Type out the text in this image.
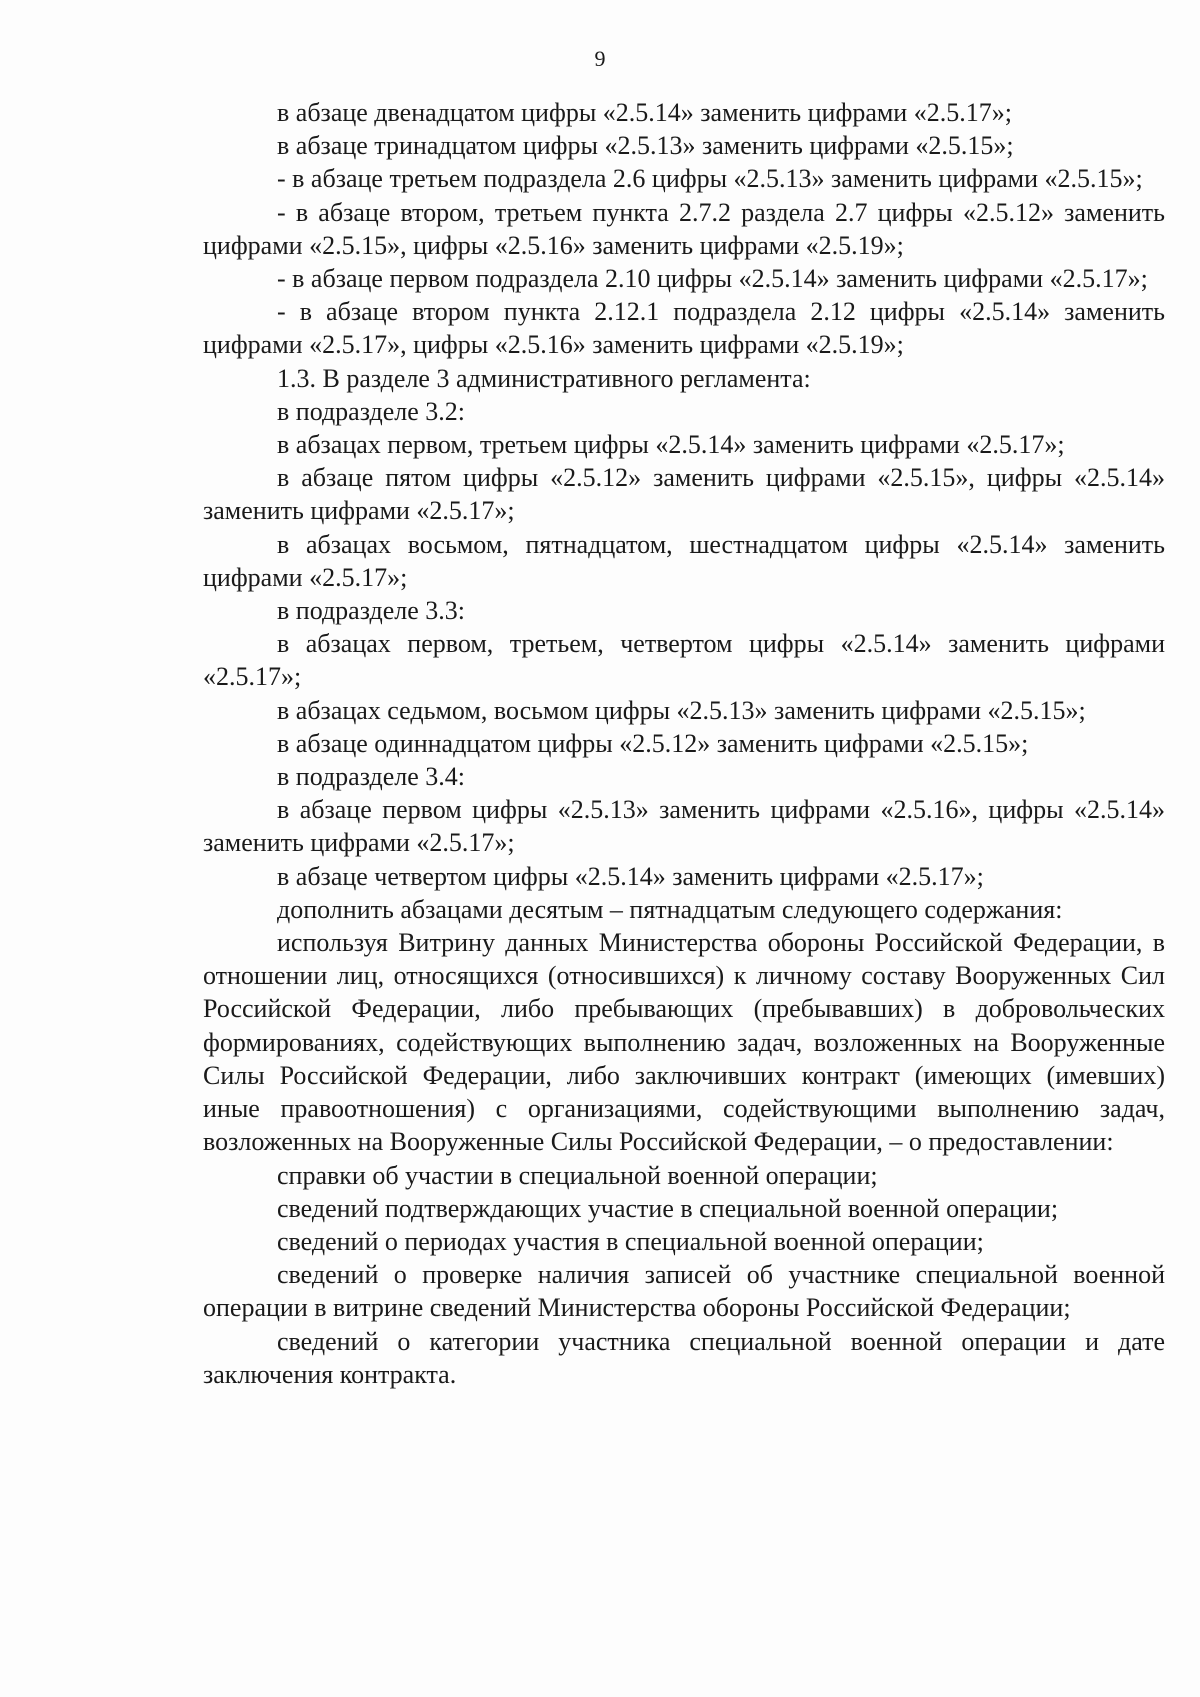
9

в абзаце двенадцатом цифры «2.5.14» заменить цифрами «2.5.17»;

в абзаце тринадцатом цифры «2.5.13» заменить цифрами «2.5.15»;

- в абзаце третьем подраздела 2.6 цифры «2.5.13» заменить цифрами «2.5.15»;

- в абзаце втором, третьем пункта 2.7.2 раздела 2.7 цифры «2.5.12» заменить цифрами «2.5.15», цифры «2.5.16» заменить цифрами «2.5.19»;

- в абзаце первом подраздела 2.10 цифры «2.5.14» заменить цифрами «2.5.17»;

- в абзаце втором пункта 2.12.1 подраздела 2.12 цифры «2.5.14» заменить цифрами «2.5.17», цифры «2.5.16» заменить цифрами «2.5.19»;

1.3. В разделе 3 административного регламента:

в подразделе 3.2:

в абзацах первом, третьем цифры «2.5.14» заменить цифрами «2.5.17»;

в абзаце пятом цифры «2.5.12» заменить цифрами «2.5.15», цифры «2.5.14» заменить цифрами «2.5.17»;

в абзацах восьмом, пятнадцатом, шестнадцатом цифры «2.5.14» заменить цифрами «2.5.17»;

в подразделе 3.3:

в абзацах первом, третьем, четвертом цифры «2.5.14» заменить цифрами «2.5.17»;

в абзацах седьмом, восьмом цифры «2.5.13» заменить цифрами «2.5.15»;

в абзаце одиннадцатом цифры «2.5.12» заменить цифрами «2.5.15»;

в подразделе 3.4:

в абзаце первом цифры «2.5.13» заменить цифрами «2.5.16», цифры «2.5.14» заменить цифрами «2.5.17»;

в абзаце четвертом цифры «2.5.14» заменить цифрами «2.5.17»;

дополнить абзацами десятым – пятнадцатым следующего содержания:

используя Витрину данных Министерства обороны Российской Федерации, в отношении лиц, относящихся (относившихся) к личному составу Вооруженных Сил Российской Федерации, либо пребывающих (пребывавших) в добровольческих формированиях, содействующих выполнению задач, возложенных на Вооруженные Силы Российской Федерации, либо заключивших контракт (имеющих (имевших) иные правоотношения) с организациями, содействующими выполнению задач, возложенных на Вооруженные Силы Российской Федерации, – о предоставлении:

справки об участии в специальной военной операции;

сведений подтверждающих участие в специальной военной операции;

сведений о периодах участия в специальной военной операции;

сведений о проверке наличия записей об участнике специальной военной операции в витрине сведений Министерства обороны Российской Федерации;

сведений о категории участника специальной военной операции и дате заключения контракта.
